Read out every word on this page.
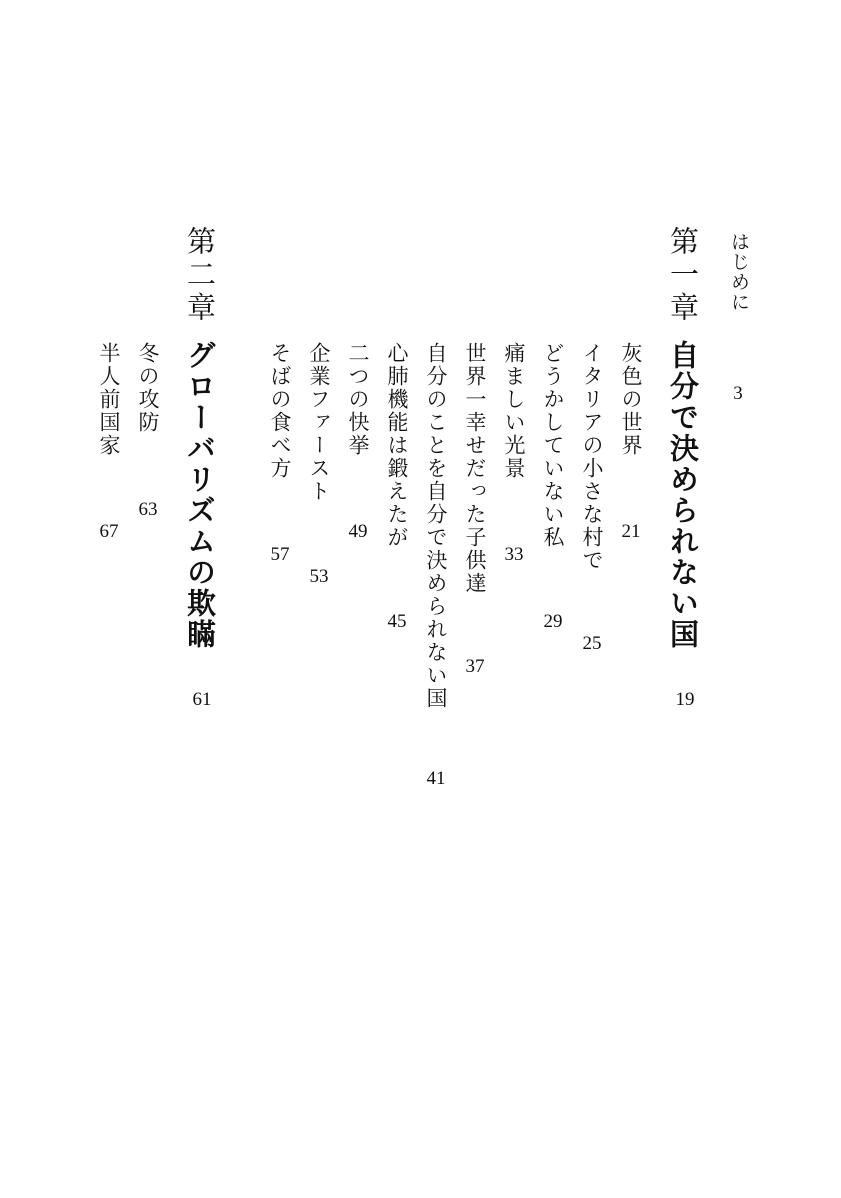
はじめに
3
第一章
自分で決められない国
19
灰色の世界
21
イタリアの小さな村で
25
どうかしていない私
29
痛ましい光景
33
世界一幸せだった子供達
37
自分のことを自分で決められない国
41
心肺機能は鍛えたが
45
二つの快挙
49
企業ファースト
53
そばの食べ方
57
第二章
グローバリズムの欺瞞
61
冬の攻防
63
半人前国家
67
